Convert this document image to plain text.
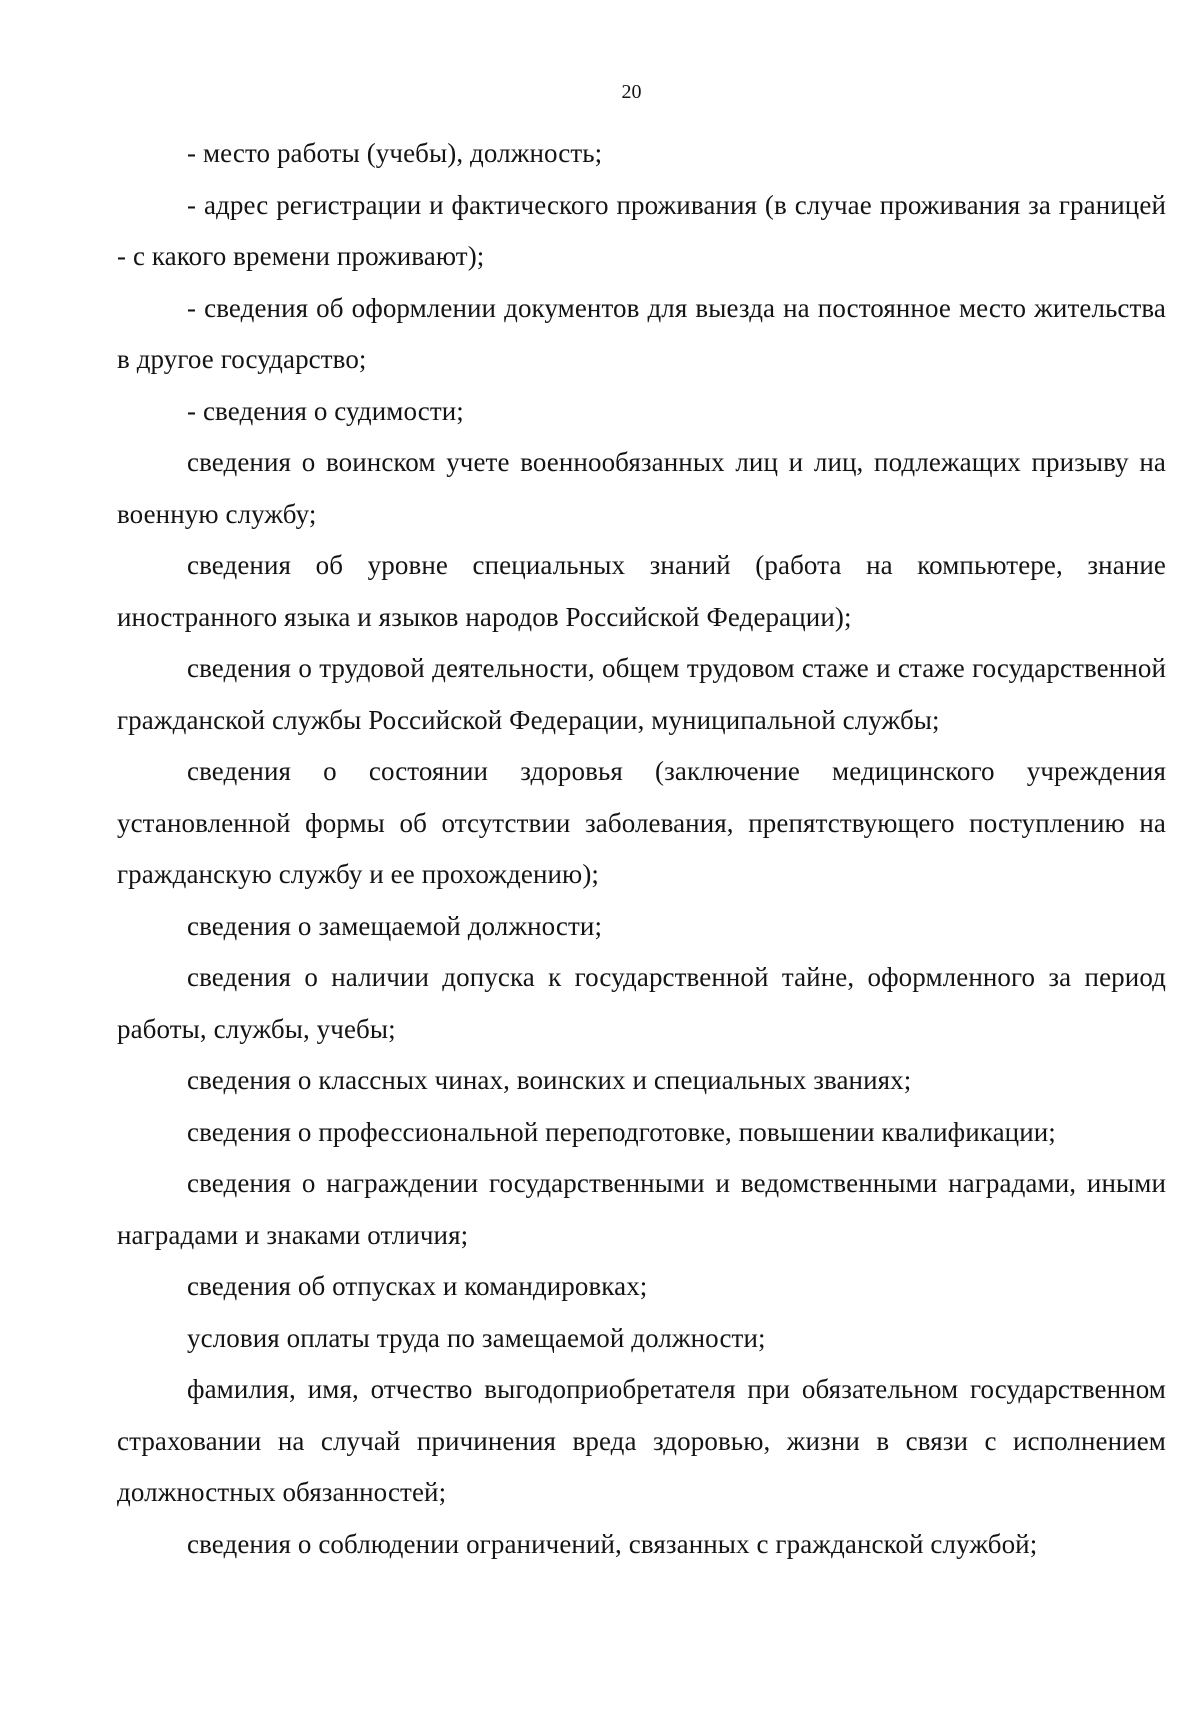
20

- место работы (учебы), должность;

- адрес регистрации и фактического проживания (в случае проживания за границей - с какого времени проживают);

- сведения об оформлении документов для выезда на постоянное место жительства в другое государство;

- сведения о судимости;

сведения о воинском учете военнообязанных лиц и лиц, подлежащих призыву на военную службу;

сведения об уровне специальных знаний (работа на компьютере, знание иностранного языка и языков народов Российской Федерации);

сведения о трудовой деятельности, общем трудовом стаже и стаже государственной гражданской службы Российской Федерации, муниципальной службы;

сведения о состоянии здоровья (заключение медицинского учреждения установленной формы об отсутствии заболевания, препятствующего поступлению на гражданскую службу и ее прохождению);

сведения о замещаемой должности;

сведения о наличии допуска к государственной тайне, оформленного за период работы, службы, учебы;

сведения о классных чинах, воинских и специальных званиях;

сведения о профессиональной переподготовке, повышении квалификации;

сведения о награждении государственными и ведомственными наградами, иными наградами и знаками отличия;

сведения об отпусках и командировках;

условия оплаты труда по замещаемой должности;

фамилия, имя, отчество выгодоприобретателя при обязательном государственном страховании на случай причинения вреда здоровью, жизни в связи с исполнением должностных обязанностей;

сведения о соблюдении ограничений, связанных с гражданской службой;
